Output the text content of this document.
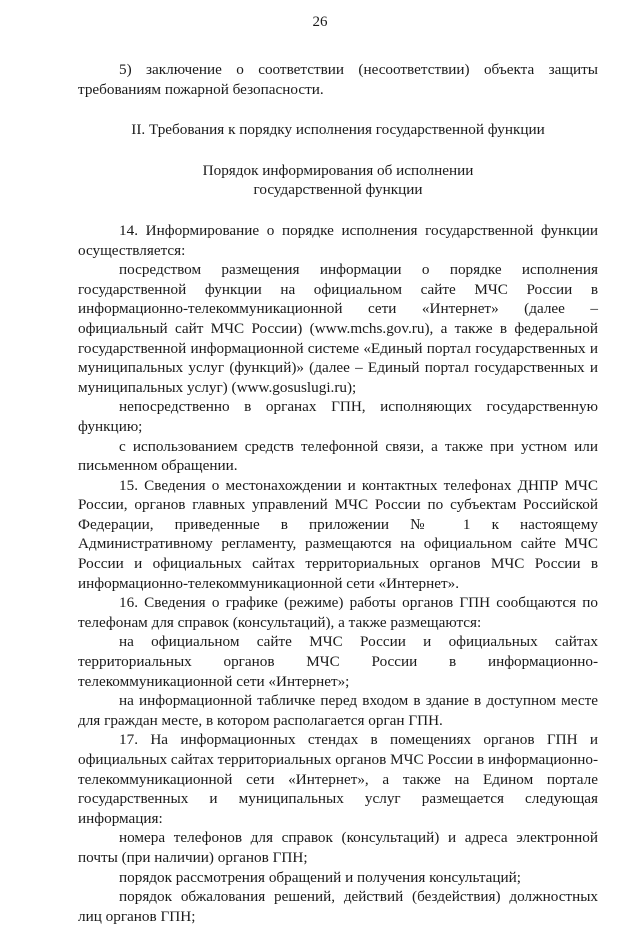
26

5) заключение о соответствии (несоответствии) объекта защиты требованиям пожарной безопасности.

II. Требования к порядку исполнения государственной функции

Порядок информирования об исполнении

государственной функции

14. Информирование о порядке исполнения государственной функции осуществляется:

посредством размещения информации о порядке исполнения государственной функции на официальном сайте МЧС России в информационно-телекоммуникационной сети «Интернет» (далее – официальный сайт МЧС России) (www.mchs.gov.ru), а также в федеральной государственной информационной системе «Единый портал государственных и муниципальных услуг (функций)» (далее – Единый портал государственных и муниципальных услуг) (www.gosuslugi.ru);

непосредственно в органах ГПН, исполняющих государственную функцию;

с использованием средств телефонной связи, а также при устном или письменном обращении.

15. Сведения о местонахождении и контактных телефонах ДНПР МЧС России, органов главных управлений МЧС России по субъектам Российской Федерации, приведенные в приложении № 1 к настоящему Административному регламенту, размещаются на официальном сайте МЧС России и официальных сайтах территориальных органов МЧС России в информационно-телекоммуникационной сети «Интернет».

16. Сведения о графике (режиме) работы органов ГПН сообщаются по телефонам для справок (консультаций), а также размещаются:

на официальном сайте МЧС России и официальных сайтах территориальных органов МЧС России в информационно-телекоммуникационной сети «Интернет»;

на информационной табличке перед входом в здание в доступном месте для граждан месте, в котором располагается орган ГПН.

17. На информационных стендах в помещениях органов ГПН и официальных сайтах территориальных органов МЧС России в информационно-телекоммуникационной сети «Интернет», а также на Едином портале государственных и муниципальных услуг размещается следующая информация:

номера телефонов для справок (консультаций) и адреса электронной почты (при наличии) органов ГПН;

порядок рассмотрения обращений и получения консультаций;

порядок обжалования решений, действий (бездействия) должностных лиц органов ГПН;
